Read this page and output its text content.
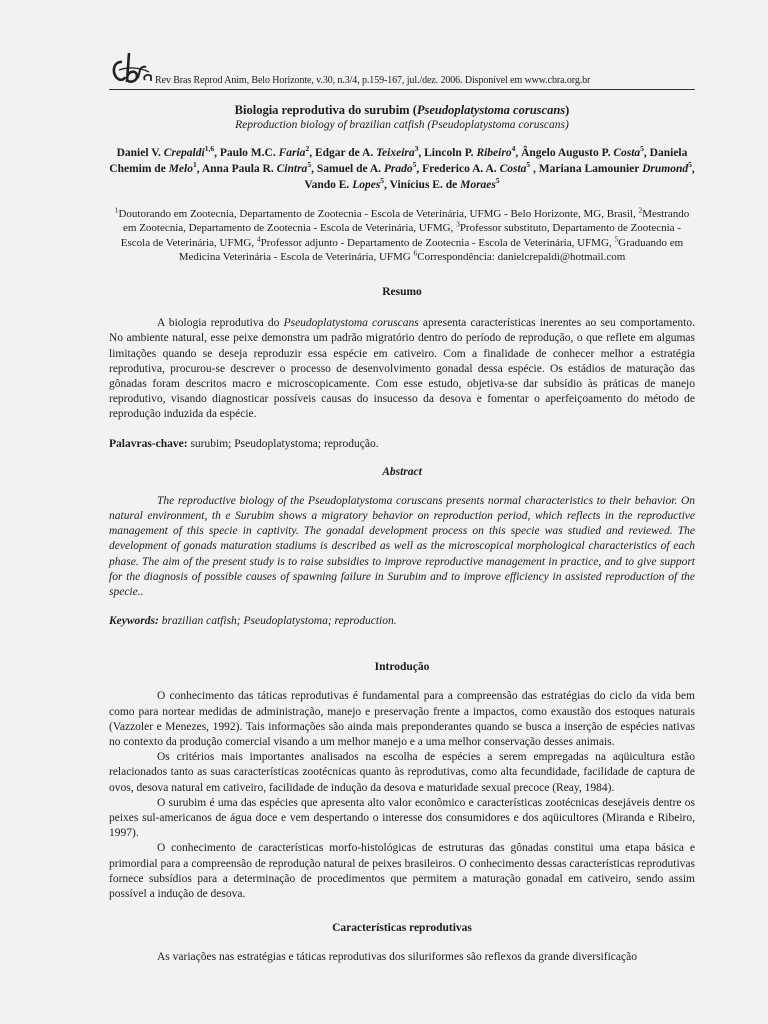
Rev Bras Reprod Anim, Belo Horizonte, v.30, n.3/4, p.159-167, jul./dez. 2006. Disponível em www.cbra.org.br
Biologia reprodutiva do surubim (Pseudoplatystoma coruscans)
Reproduction biology of brazilian catfish (Pseudoplatystoma coruscans)
Daniel V. Crepaldi$^{1,6}$, Paulo M.C. Faria$^2$, Edgar de A. Teixeira$^3$, Lincoln P. Ribeiro$^4$, Ângelo Augusto P. Costa$^5$, Daniela Chemim de Melo$^1$, Anna Paula R. Cintra$^5$, Samuel de A. Prado$^5$, Frederico A. A. Costa$^5$ , Mariana Lamounier Drumond$^5$, Vando E. Lopes$^5$, Vinícius E. de Moraes$^5$
$^1$Doutorando em Zootecnia, Departamento de Zootecnia - Escola de Veterinária, UFMG - Belo Horizonte, MG, Brasil, $^2$Mestrando em Zootecnia, Departamento de Zootecnia - Escola de Veterinária, UFMG, $^3$Professor substituto, Departamento de Zootecnia - Escola de Veterinária, UFMG, $^4$Professor adjunto - Departamento de Zootecnia - Escola de Veterinária, UFMG, $^5$Graduando em Medicina Veterinária - Escola de Veterinária, UFMG $^6$Correspondência: danielcrepaldi@hotmail.com
Resumo

A biologia reprodutiva do Pseudoplatystoma coruscans apresenta características inerentes ao seu comportamento. No ambiente natural, esse peixe demonstra um padrão migratório dentro do período de reprodução, o que reflete em algumas limitações quando se deseja reproduzir essa espécie em cativeiro. Com a finalidade de conhecer melhor a estratégia reprodutiva, procurou-se descrever o processo de desenvolvimento gonadal dessa espécie. Os estádios de maturação das gônadas foram descritos macro e microscopicamente. Com esse estudo, objetiva-se dar subsídio às práticas de manejo reprodutivo, visando diagnosticar possíveis causas do insucesso da desova e fomentar o aperfeiçoamento do método de reprodução induzida da espécie.

Palavras-chave: surubim; Pseudoplatystoma; reprodução.

Abstract

The reproductive biology of the Pseudoplatystoma coruscans presents normal characteristics to their behavior. On natural environment, th e Surubim shows a migratory behavior on reproduction period, which reflects in the reproductive management of this specie in captivity. The gonadal development process on this specie was studied and reviewed. The development of gonads maturation stadiums is described as well as the microscopical morphological characteristics of each phase. The aim of the present study is to raise subsidies to improve reproductive management in practice, and to give support for the diagnosis of possible causes of spawning failure in Surubim and to improve efficiency in assisted reproduction of the specie..

Keywords: brazilian catfish; Pseudoplatystoma; reproduction.

Introdução

O conhecimento das táticas reprodutivas é fundamental para a compreensão das estratégias do ciclo da vida bem como para nortear medidas de administração, manejo e preservação frente a impactos, como exaustão dos estoques naturais (Vazzoler e Menezes, 1992). Tais informações são ainda mais preponderantes quando se busca a inserção de espécies nativas no contexto da produção comercial visando a um melhor manejo e a uma melhor conservação desses animais.

Os critérios mais importantes analisados na escolha de espécies a serem empregadas na aqüicultura estão relacionados tanto as suas características zootécnicas quanto às reprodutivas, como alta fecundidade, facilidade de captura de ovos, desova natural em cativeiro, facilidade de indução da desova e maturidade sexual precoce (Reay, 1984).

O surubim é uma das espécies que apresenta alto valor econômico e características zootécnicas desejáveis dentre os peixes sul-americanos de água doce e vem despertando o interesse dos consumidores e dos aqüicultores (Miranda e Ribeiro, 1997).

O conhecimento de características morfo-histológicas de estruturas das gônadas constitui uma etapa básica e primordial para a compreensão de reprodução natural de peixes brasileiros. O conhecimento dessas características reprodutivas fornece subsídios para a determinação de procedimentos que permitem a maturação gonadal em cativeiro, sendo assim possível a indução de desova.

Características reprodutivas

As variações nas estratégias e táticas reprodutivas dos siluriformes são reflexos da grande diversificação
